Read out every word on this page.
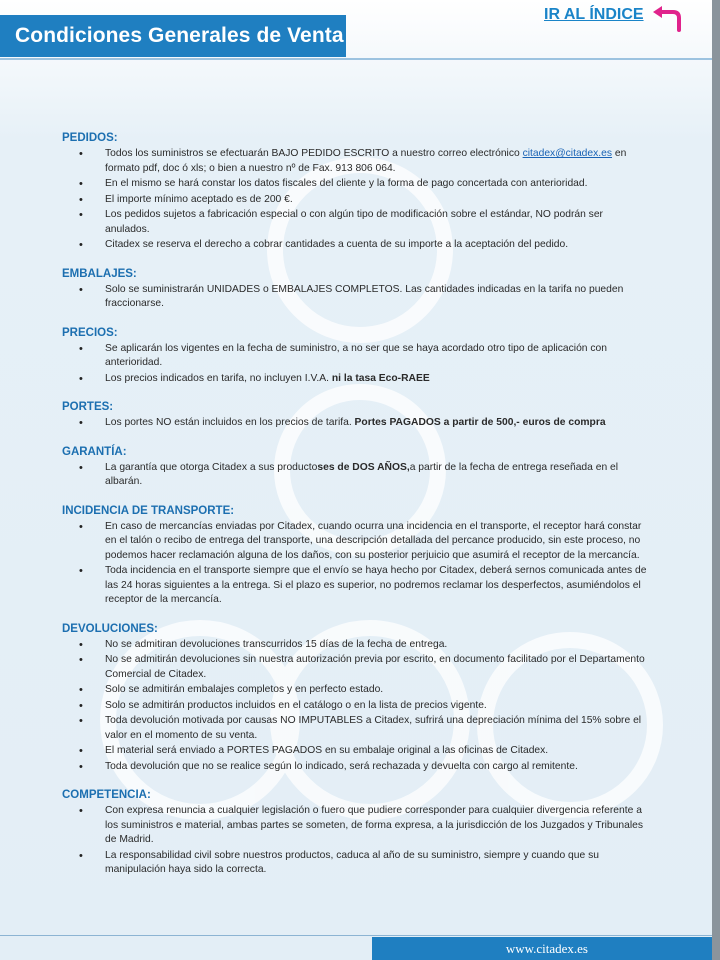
Condiciones Generales de Venta
PEDIDOS:
• Todos los suministros se efectuarán BAJO PEDIDO ESCRITO a nuestro correo electrónico citadex@citadex.es en formato pdf, doc ó xls; o bien a nuestro nº de Fax. 913 806 064.
• En el mismo se hará constar los datos fiscales del cliente y la forma de pago concertada con anterioridad.
• El importe mínimo aceptado es de 200 €.
• Los pedidos sujetos a fabricación especial o con algún tipo de modificación sobre el estándar, NO podrán ser anulados.
• Citadex se reserva el derecho a cobrar cantidades a cuenta de su importe a la aceptación del pedido.
EMBALAJES:
• Solo se suministrarán UNIDADES o EMBALAJES COMPLETOS. Las cantidades indicadas en la tarifa no pueden fraccionarse.
PRECIOS:
• Se aplicarán los vigentes en la fecha de suministro, a no ser que se haya acordado otro tipo de aplicación con anterioridad.
• Los precios indicados en tarifa, no incluyen I.V.A. ni la tasa Eco-RAEE
PORTES:
• Los portes NO están incluidos en los precios de tarifa. Portes PAGADOS a partir de 500,- euros de compra
GARANTÍA:
• La garantía que otorga Citadex a sus productoses de DOS AÑOS,a partir de la fecha de entrega reseñada en el albarán.
INCIDENCIA DE TRANSPORTE:
• En caso de mercancías enviadas por Citadex, cuando ocurra una incidencia en el transporte, el receptor hará constar en el talón o recibo de entrega del transporte, una descripción detallada del percance producido, sin este proceso, no podemos hacer reclamación alguna de los daños, con su posterior perjuicio que asumirá el receptor de la mercancía.
• Toda incidencia en el transporte siempre que el envío se haya hecho por Citadex, deberá sernos comunicada antes de las 24 horas siguientes a la entrega. Si el plazo es superior, no podremos reclamar los desperfectos, asumiéndolos el receptor de la mercancía.
DEVOLUCIONES:
• No se admitiran devoluciones transcurridos 15 días de la fecha de entrega.
• No se admitirán devoluciones sin nuestra autorización previa por escrito, en documento facilitado por el Departamento Comercial de Citadex.
• Solo se admitirán embalajes completos y en perfecto estado.
• Solo se admitirán productos incluidos en el catálogo o en la lista de precios vigente.
• Toda devolución motivada por causas NO IMPUTABLES a Citadex, sufrirá una depreciación mínima del 15% sobre el valor en el momento de su venta.
• El material será enviado a PORTES PAGADOS en su embalaje original a las oficinas de Citadex.
• Toda devolución que no se realice según lo indicado, será rechazada y devuelta con cargo al remitente.
COMPETENCIA:
• Con expresa renuncia a cualquier legislación o fuero que pudiere corresponder para cualquier divergencia referente a los suministros e material, ambas partes se someten, de forma expresa, a la jurisdicción de los Juzgados y Tribunales de Madrid.
• La responsabilidad civil sobre nuestros productos, caduca al año de su suministro, siempre y cuando que su manipulación haya sido la correcta.
www.citadex.es
IR AL ÍNDICE
